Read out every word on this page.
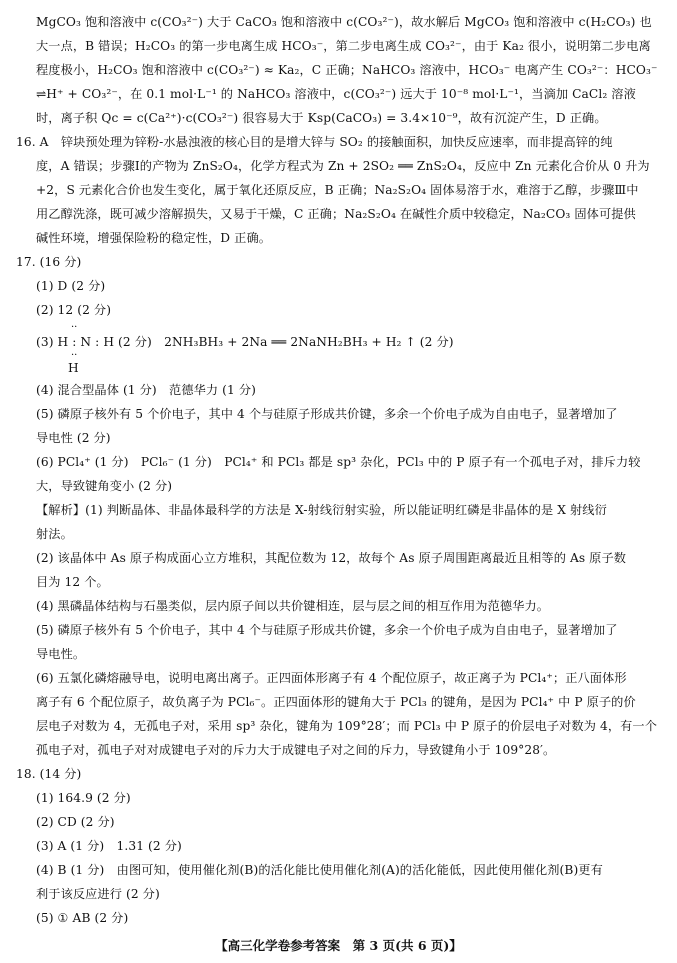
MgCO₃ 饱和溶液中 c(CO₃²⁻) 大于 CaCO₃ 饱和溶液中 c(CO₃²⁻)，故水解后 MgCO₃ 饱和溶液中 c(H₂CO₃) 也
大一点，B 错误；H₂CO₃ 的第一步电离生成 HCO₃⁻，第二步电离生成 CO₃²⁻，由于 Ka₂ 很小，说明第二步电离
程度极小，H₂CO₃ 饱和溶液中 c(CO₃²⁻) ≈ Ka₂，C 正确；NaHCO₃ 溶液中，HCO₃⁻ 电离产生 CO₃²⁻：HCO₃⁻
⇌H⁺ + CO₃²⁻，在 0.1 mol·L⁻¹ 的 NaHCO₃ 溶液中，c(CO₃²⁻) 远大于 10⁻⁸ mol·L⁻¹，当滴加 CaCl₂ 溶液
时，离子积 Qc = c(Ca²⁺)·c(CO₃²⁻) 很容易大于 Ksp(CaCO₃) = 3.4×10⁻⁹，故有沉淀产生，D 正确。
16. A　锌块预处理为锌粉-水悬浊液的核心目的是增大锌与 SO₂ 的接触面积，加快反应速率，而非提高锌的纯
度，A 错误；步骤Ⅰ的产物为 ZnS₂O₄，化学方程式为 Zn + 2SO₂ ══ ZnS₂O₄，反应中 Zn 元素化合价从 0 升为
+2，S 元素化合价也发生变化，属于氧化还原反应，B 正确；Na₂S₂O₄ 固体易溶于水，难溶于乙醇，步骤Ⅲ中
用乙醇洗涤，既可减少溶解损失，又易于干燥，C 正确；Na₂S₂O₄ 在碱性介质中较稳定，Na₂CO₃ 固体可提供
碱性环境，增强保险粉的稳定性，D 正确。
17. (16 分)
(1) D (2 分)
(2) 12 (2 分)
··
(3) H : N : H (2 分)　2NH₃BH₃ + 2Na ══ 2NaNH₂BH₃ + H₂ ↑ (2 分)
··
H
(4) 混合型晶体 (1 分)　范德华力 (1 分)
(5) 磷原子核外有 5 个价电子，其中 4 个与硅原子形成共价键，多余一个价电子成为自由电子，显著增加了
导电性 (2 分)
(6) PCl₄⁺ (1 分)　PCl₆⁻ (1 分)　PCl₄⁺ 和 PCl₃ 都是 sp³ 杂化，PCl₃ 中的 P 原子有一个孤电子对，排斥力较
大，导致键角变小 (2 分)
【解析】(1) 判断晶体、非晶体最科学的方法是 X-射线衍射实验，所以能证明红磷是非晶体的是 X 射线衍
射法。
(2) 该晶体中 As 原子构成面心立方堆积，其配位数为 12，故每个 As 原子周围距离最近且相等的 As 原子数
目为 12 个。
(4) 黑磷晶体结构与石墨类似，层内原子间以共价键相连，层与层之间的相互作用为范德华力。
(5) 磷原子核外有 5 个价电子，其中 4 个与硅原子形成共价键，多余一个价电子成为自由电子，显著增加了
导电性。
(6) 五氯化磷熔融导电，说明电离出离子。正四面体形离子有 4 个配位原子，故正离子为 PCl₄⁺；正八面体形
离子有 6 个配位原子，故负离子为 PCl₆⁻。正四面体形的键角大于 PCl₃ 的键角，是因为 PCl₄⁺ 中 P 原子的价
层电子对数为 4，无孤电子对，采用 sp³ 杂化，键角为 109°28′；而 PCl₃ 中 P 原子的价层电子对数为 4，有一个
孤电子对，孤电子对对成键电子对的斥力大于成键电子对之间的斥力，导致键角小于 109°28′。
18. (14 分)
(1) 164.9 (2 分)
(2) CD (2 分)
(3) A (1 分)　1.31 (2 分)
(4) B (1 分)　由图可知，使用催化剂(B)的活化能比使用催化剂(A)的活化能低，因此使用催化剂(B)更有
利于该反应进行 (2 分)
(5) ① AB (2 分)
【高三化学卷参考答案　第 3 页(共 6 页)】
